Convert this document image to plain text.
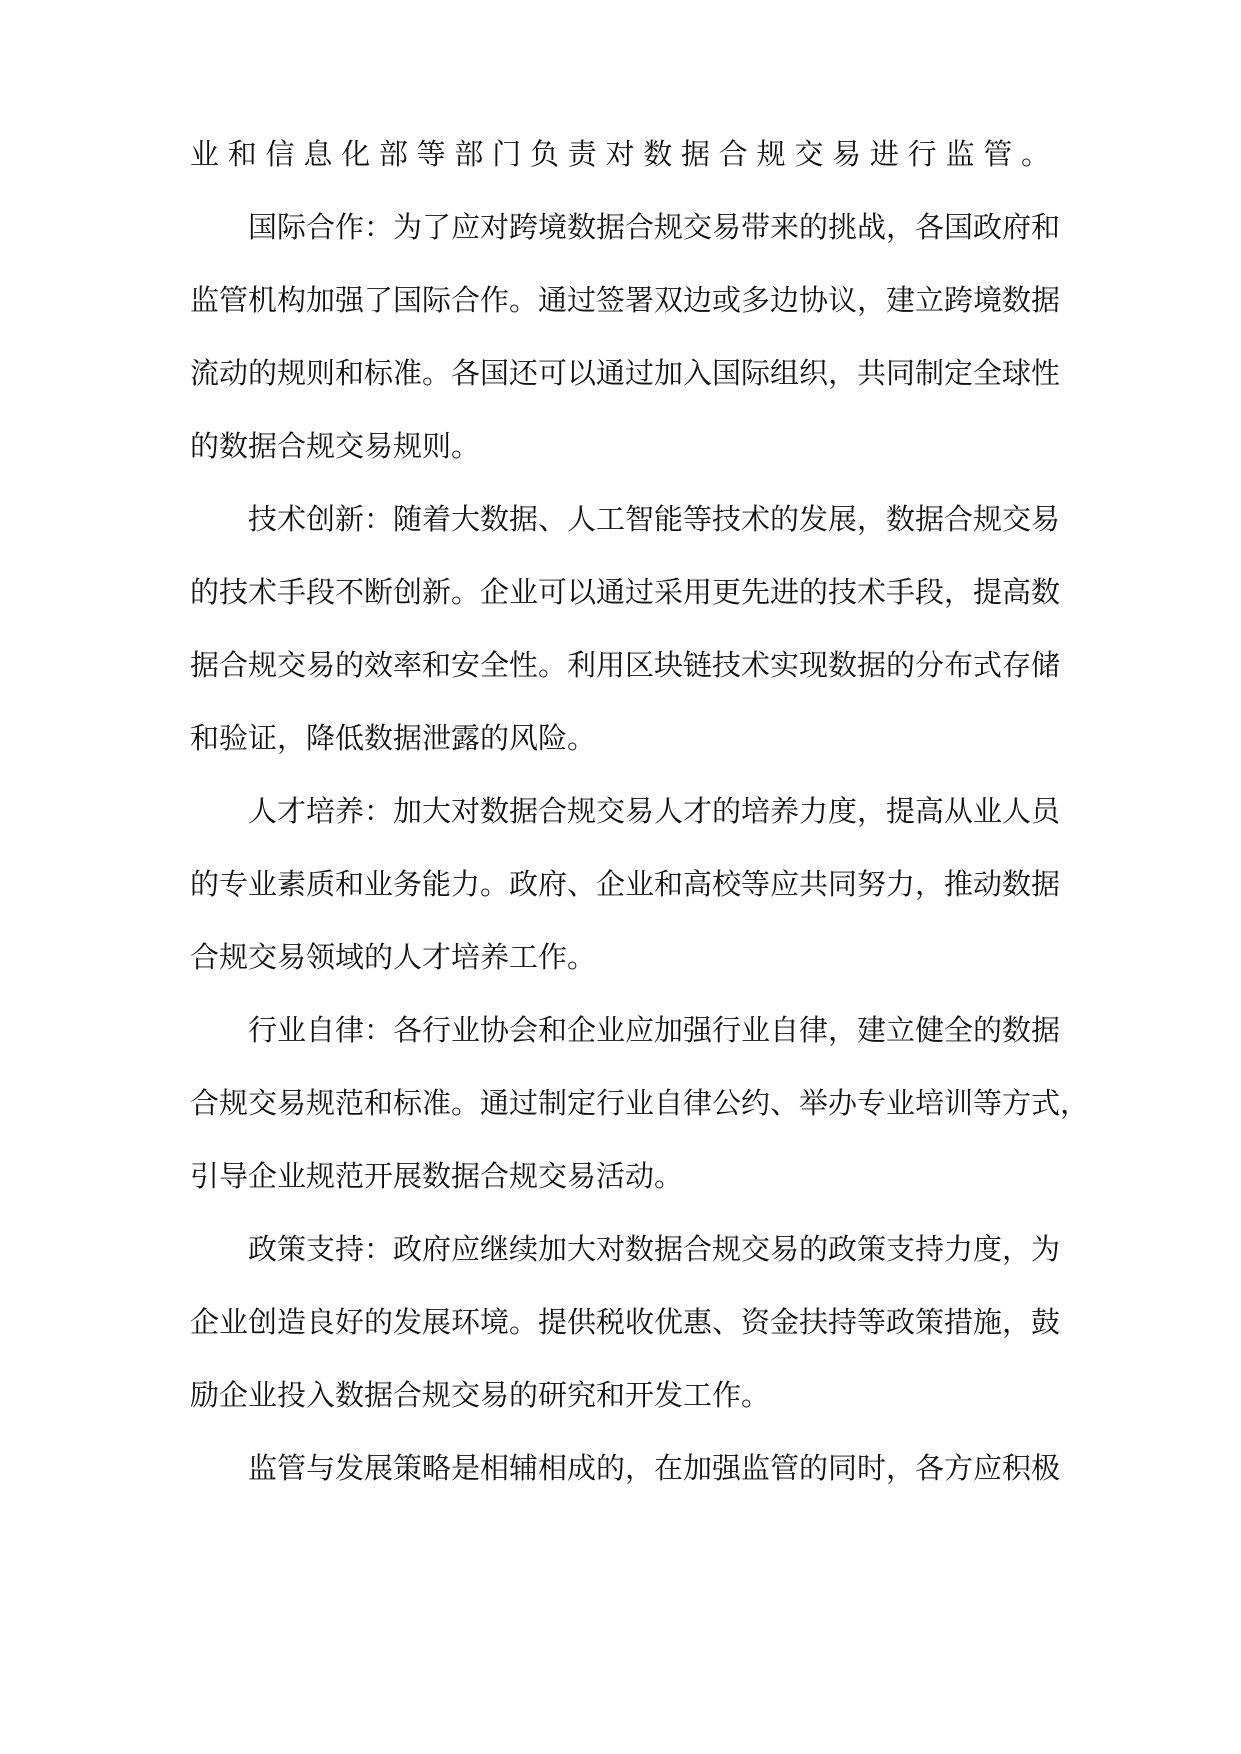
业和信息化部等部门负责对数据合规交易进行监管。
国际合作：为了应对跨境数据合规交易带来的挑战，各国政府和
监管机构加强了国际合作。通过签署双边或多边协议，建立跨境数据
流动的规则和标准。各国还可以通过加入国际组织，共同制定全球性
的数据合规交易规则。
技术创新：随着大数据、人工智能等技术的发展，数据合规交易
的技术手段不断创新。企业可以通过采用更先进的技术手段，提高数
据合规交易的效率和安全性。利用区块链技术实现数据的分布式存储
和验证，降低数据泄露的风险。
人才培养：加大对数据合规交易人才的培养力度，提高从业人员
的专业素质和业务能力。政府、企业和高校等应共同努力，推动数据
合规交易领域的人才培养工作。
行业自律：各行业协会和企业应加强行业自律，建立健全的数据
合规交易规范和标准。通过制定行业自律公约、举办专业培训等方式，
引导企业规范开展数据合规交易活动。
政策支持：政府应继续加大对数据合规交易的政策支持力度，为
企业创造良好的发展环境。提供税收优惠、资金扶持等政策措施，鼓
励企业投入数据合规交易的研究和开发工作。
监管与发展策略是相辅相成的，在加强监管的同时，各方应积极
